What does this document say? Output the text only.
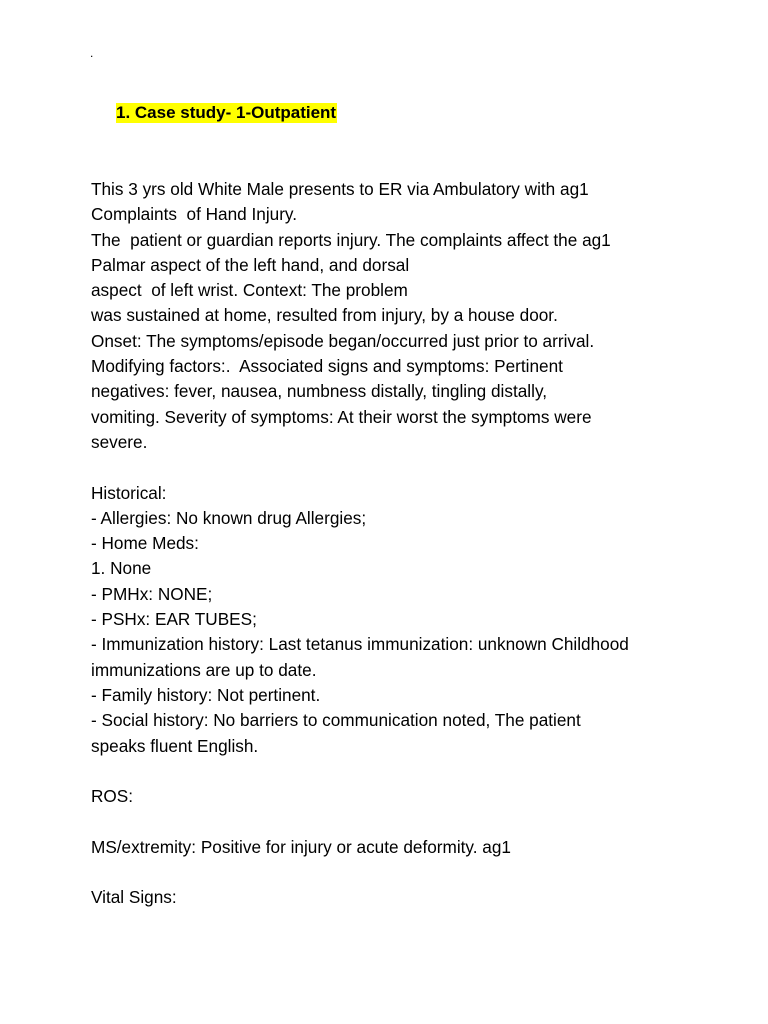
.
1. Case study- 1-Outpatient
This 3 yrs old White Male presents to ER via Ambulatory with ag1
Complaints  of Hand Injury.
The  patient or guardian reports injury. The complaints affect the ag1
Palmar aspect of the left hand, and dorsal
aspect  of left wrist. Context: The problem
was sustained at home, resulted from injury, by a house door.
Onset: The symptoms/episode began/occurred just prior to arrival.
Modifying factors:.  Associated signs and symptoms: Pertinent
negatives: fever, nausea, numbness distally, tingling distally,
vomiting. Severity of symptoms: At their worst the symptoms were
severe.
Historical:
- Allergies: No known drug Allergies;
- Home Meds:
1. None
- PMHx: NONE;
- PSHx: EAR TUBES;
- Immunization history: Last tetanus immunization: unknown Childhood
immunizations are up to date.
- Family history: Not pertinent.
- Social history: No barriers to communication noted, The patient
speaks fluent English.
ROS:
MS/extremity: Positive for injury or acute deformity. ag1
Vital Signs:
